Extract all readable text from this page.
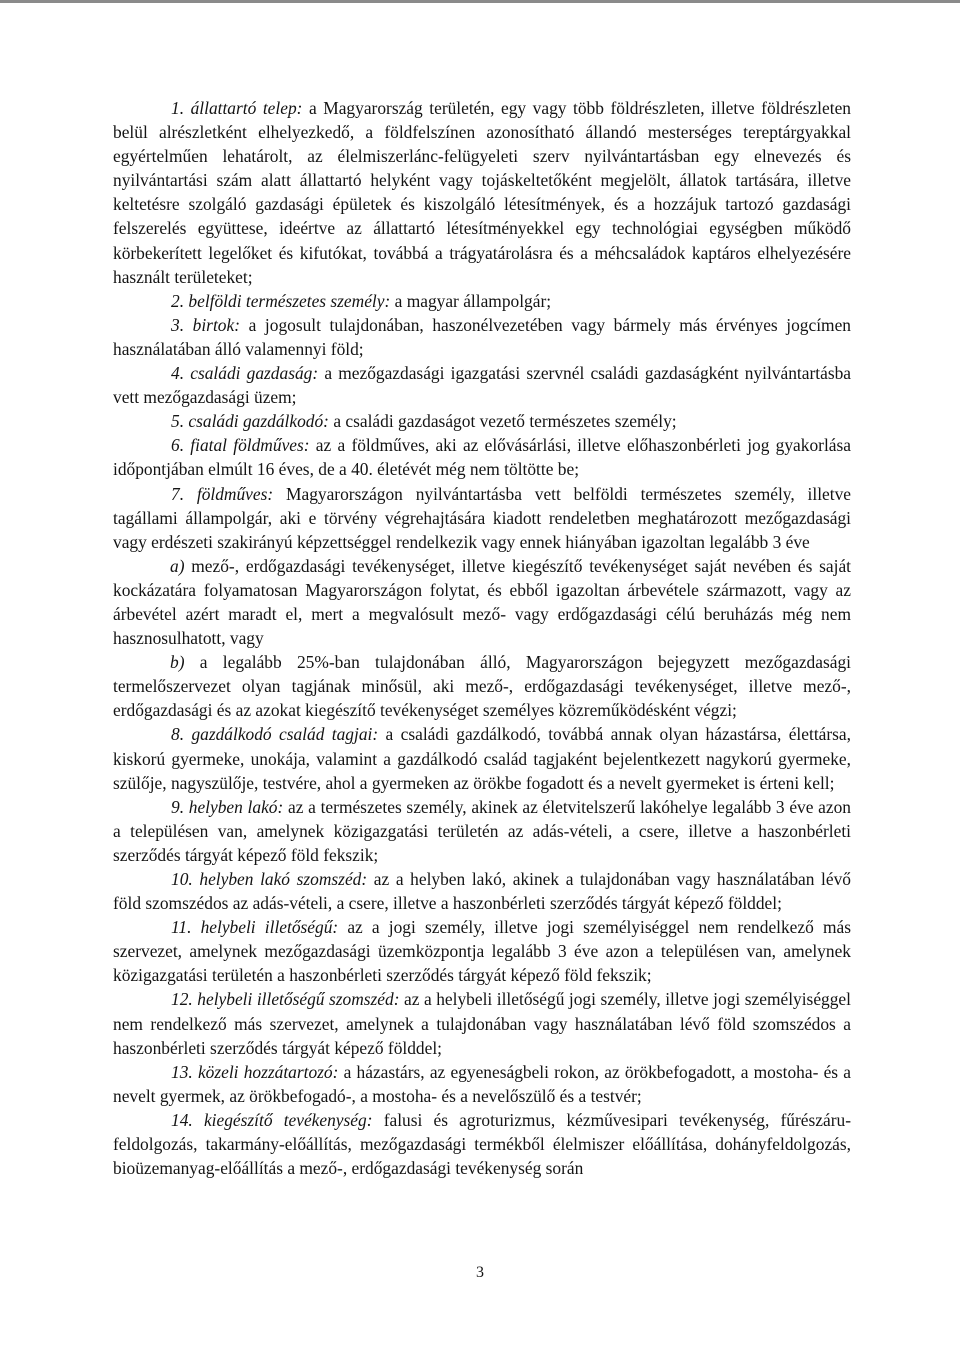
1. állattartó telep: a Magyarország területén, egy vagy több földrészleten, illetve földrészleten belül alrészletként elhelyezkedő, a földfelszínen azonosítható állandó mesterséges tereptárgyakkal egyértelműen lehatárolt, az élelmiszerlánc-felügyeleti szerv nyilvántartásban egy elnevezés és nyilvántartási szám alatt állattartó helyként vagy tojáskeltetőként megjelölt, állatok tartására, illetve keltetésre szolgáló gazdasági épületek és kiszolgáló létesítmények, és a hozzájuk tartozó gazdasági felszerelés együttese, ideértve az állattartó létesítményekkel egy technológiai egységben működő körbekerített legelőket és kifutókat, továbbá a trágyatárolásra és a méhcsaládok kaptáros elhelyezésére használt területeket;

2. belföldi természetes személy: a magyar állampolgár;

3. birtok: a jogosult tulajdonában, haszonélvezetében vagy bármely más érvényes jogcímen használatában álló valamennyi föld;

4. családi gazdaság: a mezőgazdasági igazgatási szervnél családi gazdaságként nyilvántartásba vett mezőgazdasági üzem;

5. családi gazdálkodó: a családi gazdaságot vezető természetes személy;

6. fiatal földműves: az a földműves, aki az elővásárlási, illetve előhaszonbérleti jog gyakorlása időpontjában elmúlt 16 éves, de a 40. életévét még nem töltötte be;

7. földműves: Magyarországon nyilvántartásba vett belföldi természetes személy, illetve tagállami állampolgár, aki e törvény végrehajtására kiadott rendeletben meghatározott mezőgazdasági vagy erdészeti szakirányú képzettséggel rendelkezik vagy ennek hiányában igazoltan legalább 3 éve

a) mező-, erdőgazdasági tevékenységet, illetve kiegészítő tevékenységet saját nevében és saját kockázatára folyamatosan Magyarországon folytat, és ebből igazoltan árbevétele származott, vagy az árbevétel azért maradt el, mert a megvalósult mező- vagy erdőgazdasági célú beruházás még nem hasznosulhatott, vagy

b) a legalább 25%-ban tulajdonában álló, Magyarországon bejegyzett mezőgazdasági termelőszervezet olyan tagjának minősül, aki mező-, erdőgazdasági tevékenységet, illetve mező-, erdőgazdasági és az azokat kiegészítő tevékenységet személyes közreműködésként végzi;

8. gazdálkodó család tagjai: a családi gazdálkodó, továbbá annak olyan házastársa, élettársa, kiskorú gyermeke, unokája, valamint a gazdálkodó család tagjaként bejelentkezett nagykorú gyermeke, szülője, nagyszülője, testvére, ahol a gyermeken az örökbe fogadott és a nevelt gyermeket is érteni kell;

9. helyben lakó: az a természetes személy, akinek az életvitelszerű lakóhelye legalább 3 éve azon a településen van, amelynek közigazgatási területén az adás-vételi, a csere, illetve a haszonbérleti szerződés tárgyát képező föld fekszik;

10. helyben lakó szomszéd: az a helyben lakó, akinek a tulajdonában vagy használatában lévő föld szomszédos az adás-vételi, a csere, illetve a haszonbérleti szerződés tárgyát képező földdel;

11. helybeli illetőségű: az a jogi személy, illetve jogi személyiséggel nem rendelkező más szervezet, amelynek mezőgazdasági üzemközpontja legalább 3 éve azon a településen van, amelynek közigazgatási területén a haszonbérleti szerződés tárgyát képező föld fekszik;

12. helybeli illetőségű szomszéd: az a helybeli illetőségű jogi személy, illetve jogi személyiséggel nem rendelkező más szervezet, amelynek a tulajdonában vagy használatában lévő föld szomszédos a haszonbérleti szerződés tárgyát képező földdel;

13. közeli hozzátartozó: a házastárs, az egyeneságbeli rokon, az örökbefogadott, a mostoha- és a nevelt gyermek, az örökbefogadó-, a mostoha- és a nevelőszülő és a testvér;

14. kiegészítő tevékenység: falusi és agroturizmus, kézművesipari tevékenység, fűrészáru-feldolgozás, takarmány-előállítás, mezőgazdasági termékből élelmiszer előállítása, dohányfeldolgozás, bioüzemanyag-előállítás a mező-, erdőgazdasági tevékenység során

3
